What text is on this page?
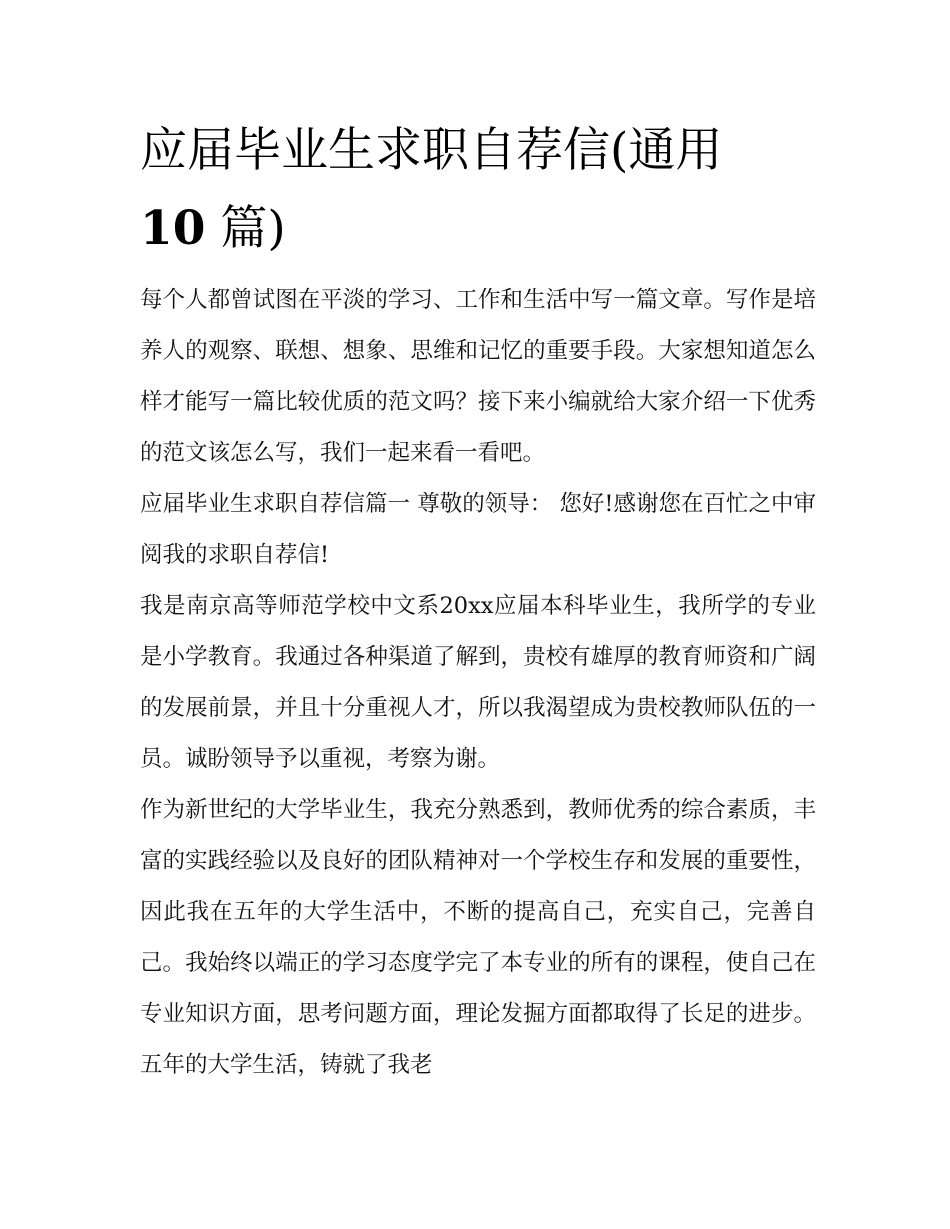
应届毕业生求职自荐信(通用
10 篇)

每个人都曾试图在平淡的学习、工作和生活中写一篇文章。写作是培养人的观察、联想、想象、思维和记忆的重要手段。大家想知道怎么样才能写一篇比较优质的范文吗？接下来小编就给大家介绍一下优秀的范文该怎么写，我们一起来看一看吧。

应届毕业生求职自荐信篇一 尊敬的领导： 您好!感谢您在百忙之中审阅我的求职自荐信!

我是南京高等师范学校中文系20xx应届本科毕业生，我所学的专业是小学教育。我通过各种渠道了解到，贵校有雄厚的教育师资和广阔的发展前景，并且十分重视人才，所以我渴望成为贵校教师队伍的一员。诚盼领导予以重视，考察为谢。

作为新世纪的大学毕业生，我充分熟悉到，教师优秀的综合素质，丰富的实践经验以及良好的团队精神对一个学校生存和发展的重要性，因此我在五年的大学生活中，不断的提高自己，充实自己，完善自己。我始终以端正的学习态度学完了本专业的所有的课程，使自己在专业知识方面，思考问题方面，理论发掘方面都取得了长足的进步。五年的大学生活，铸就了我老
